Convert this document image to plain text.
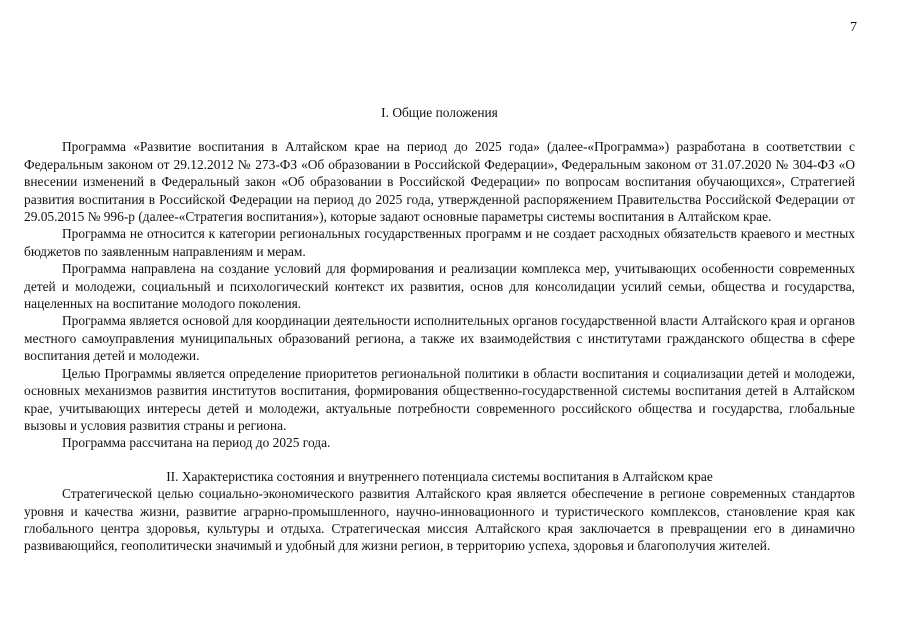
7
I. Общие положения

Программа «Развитие воспитания в Алтайском крае на период до 2025 года» (далее-«Программа») разработана в соответствии с Федеральным законом от 29.12.2012 № 273-ФЗ «Об образовании в Российской Федерации», Федеральным законом от 31.07.2020 № 304-ФЗ «О внесении изменений в Федеральный закон «Об образовании в Российской Федерации» по вопросам воспитания обучающихся», Стратегией развития воспитания в Российской Федерации на период до 2025 года, утвержденной распоряжением Правительства Российской Федерации от 29.05.2015 № 996-р (далее-«Стратегия воспитания»), которые задают основные параметры системы воспитания в Алтайском крае.

Программа не относится к категории региональных государственных программ и не создает расходных обязательств краевого и местных бюджетов по заявленным направлениям и мерам.

Программа направлена на создание условий для формирования и реализации комплекса мер, учитывающих особенности современных детей и молодежи, социальный и психологический контекст их развития, основ для консолидации усилий семьи, общества и государства, нацеленных на воспитание молодого поколения.

Программа является основой для координации деятельности исполнительных органов государственной власти Алтайского края и органов местного самоуправления муниципальных образований региона, а также их взаимодействия с институтами гражданского общества в сфере воспитания детей и молодежи.

Целью Программы является определение приоритетов региональной политики в области воспитания и социализации детей и молодежи, основных механизмов развития институтов воспитания, формирования общественно-государственной системы воспитания детей в Алтайском крае, учитывающих интересы детей и молодежи, актуальные потребности современного российского общества и государства, глобальные вызовы и условия развития страны и региона.

Программа рассчитана на период до 2025 года.

II. Характеристика состояния и внутреннего потенциала системы воспитания в Алтайском крае

Стратегической целью социально-экономического развития Алтайского края является обеспечение в регионе современных стандартов уровня и качества жизни, развитие аграрно-промышленного, научно-инновационного и туристического комплексов, становление края как глобального центра здоровья, культуры и отдыха. Стратегическая миссия Алтайского края заключается в превращении его в динамично развивающийся, геополитически значимый и удобный для жизни регион, в территорию успеха, здоровья и благополучия жителей.
